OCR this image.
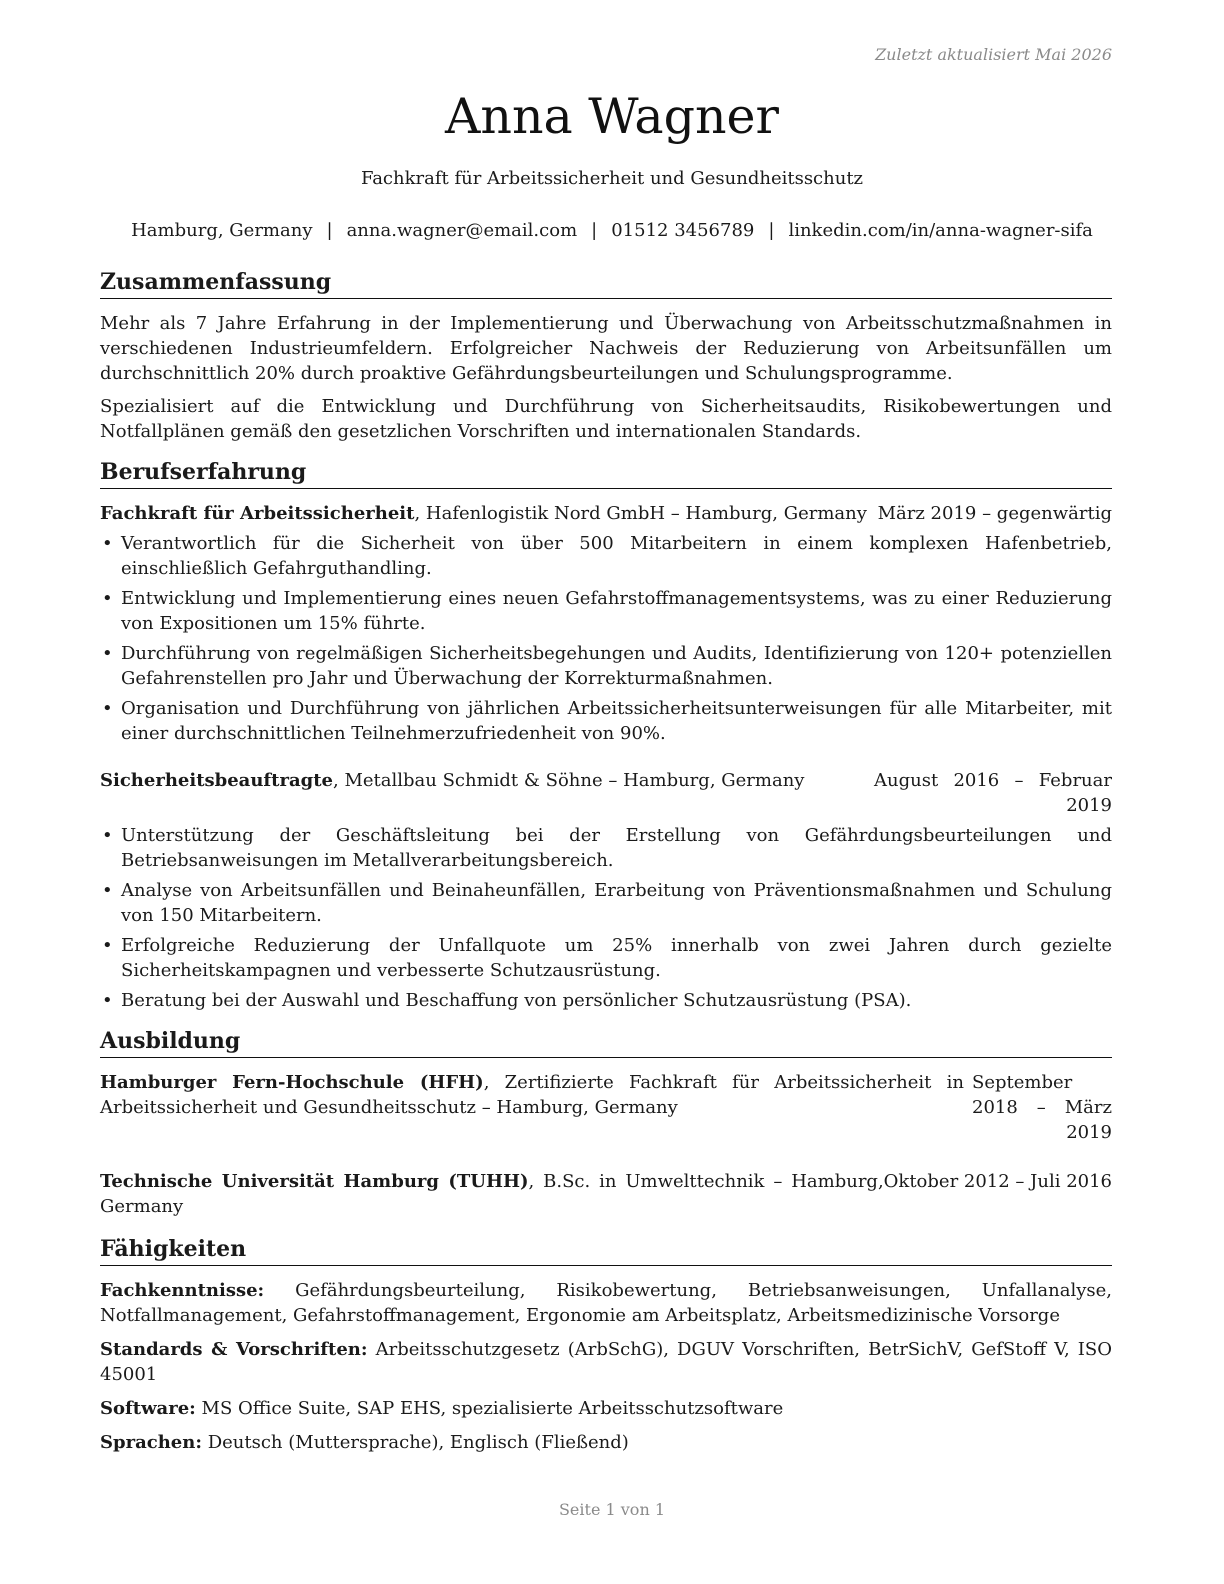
Zuletzt aktualisiert Mai 2026
Anna Wagner
Fachkraft für Arbeitssicherheit und Gesundheitsschutz
Hamburg, Germany | anna.wagner@email.com | 01512 3456789 | linkedin.com/in/anna-wagner-sifa
Zusammenfassung

Mehr als 7 Jahre Erfahrung in der Implementierung und Überwachung von Arbeitsschutzmaßnahmen in verschiedenen Industrieumfeldern. Erfolgreicher Nachweis der Reduzierung von Arbeitsunfällen um durchschnittlich 20% durch proaktive Gefährdungsbeurteilungen und Schulungsprogramme.

Spezialisiert auf die Entwicklung und Durchführung von Sicherheitsaudits, Risikobewertungen und Notfallplänen gemäß den gesetzlichen Vorschriften und internationalen Standards.

Berufserfahrung
Fachkraft für Arbeitssicherheit, Hafenlogistik Nord GmbH – Hamburg, Germany März 2019 – gegenwärtig
• Verantwortlich für die Sicherheit von über 500 Mitarbeitern in einem komplexen Hafenbetrieb, einschließlich Gefahrguthandling.
• Entwicklung und Implementierung eines neuen Gefahrstoffmanagementsystems, was zu einer Reduzierung von Expositionen um 15% führte.
• Durchführung von regelmäßigen Sicherheitsbegehungen und Audits, Identifizierung von 120+ potenziellen Gefahrenstellen pro Jahr und Überwachung der Korrekturmaßnahmen.
• Organisation und Durchführung von jährlichen Arbeitssicherheitsunterweisungen für alle Mitarbeiter, mit einer durchschnittlichen Teilnehmerzufriedenheit von 90%.
Sicherheitsbeauftragte, Metallbau Schmidt & Söhne – Hamburg, Germany	August 2016 – Februar 2019
• Unterstützung der Geschäftsleitung bei der Erstellung von Gefährdungsbeurteilungen und Betriebsanweisungen im Metallverarbeitungsbereich.
• Analyse von Arbeitsunfällen und Beinaheunfällen, Erarbeitung von Präventionsmaßnahmen und Schulung von 150 Mitarbeitern.
• Erfolgreiche Reduzierung der Unfallquote um 25% innerhalb von zwei Jahren durch gezielte Sicherheitskampagnen und verbesserte Schutzausrüstung.
• Beratung bei der Auswahl und Beschaffung von persönlicher Schutzausrüstung (PSA).
Ausbildung
Hamburger Fern-Hochschule (HFH), Zertifizierte Fachkraft für Arbeitssicherheit in Arbeitssicherheit und Gesundheitsschutz – Hamburg, Germany
September 2018 – März 2019
Technische Universität Hamburg (TUHH), B.Sc. in Umwelttechnik – Hamburg, Germany
Oktober 2012 – Juli 2016
Fähigkeiten

Fachkenntnisse: Gefährdungsbeurteilung, Risikobewertung, Betriebsanweisungen, Unfallanalyse, Notfallmanagement, Gefahrstoffmanagement, Ergonomie am Arbeitsplatz, Arbeitsmedizinische Vorsorge

Standards & Vorschriften: Arbeitsschutzgesetz (ArbSchG), DGUV Vorschriften, BetrSichV, GefStoff V, ISO 45001

Software: MS Office Suite, SAP EHS, spezialisierte Arbeitsschutzsoftware

Sprachen: Deutsch (Muttersprache), Englisch (Fließend)

Seite 1 von 1
